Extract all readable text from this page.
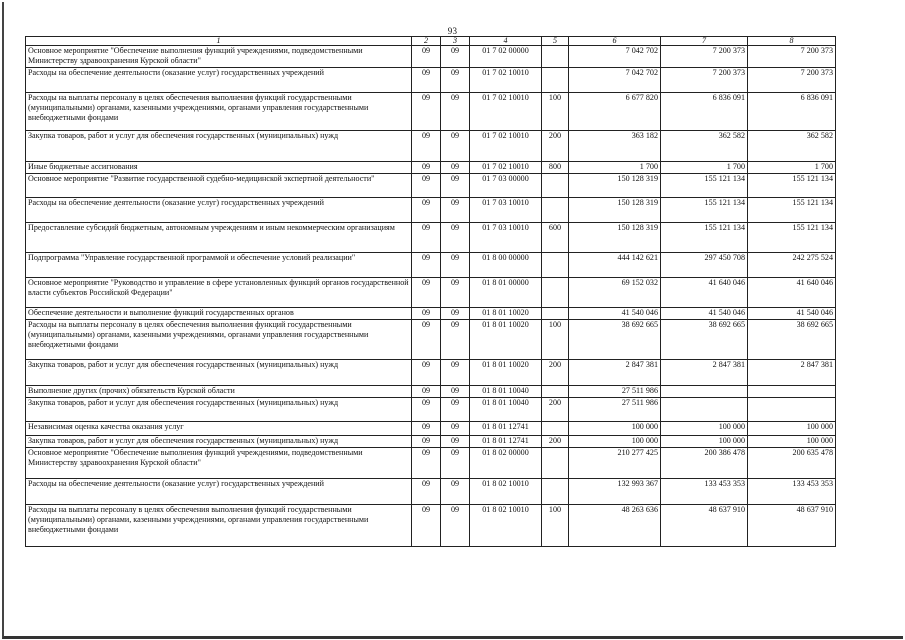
93
1	2	3	4	5	6	7	8
Основное мероприятие "Обеспечение выполнения функций учреждениями, подведомственными Министерству здравоохранения Курской области"	09	09	01 7 02 00000		7 042 702	7 200 373	7 200 373
Расходы на обеспечение деятельности (оказание услуг) государственных учреждений	09	09	01 7 02 10010		7 042 702	7 200 373	7 200 373
Расходы на выплаты персоналу в целях обеспечения выполнения функций государственными (муниципальными) органами, казенными учреждениями, органами управления государственными внебюджетными фондами	09	09	01 7 02 10010	100	6 677 820	6 836 091	6 836 091
Закупка товаров, работ и услуг для обеспечения государственных (муниципальных) нужд	09	09	01 7 02 10010	200	363 182	362 582	362 582
Иные бюджетные ассигнования	09	09	01 7 02 10010	800	1 700	1 700	1 700
Основное мероприятие "Развитие государственной судебно-медицинской экспертной деятельности"	09	09	01 7 03 00000		150 128 319	155 121 134	155 121 134
Расходы на обеспечение деятельности (оказание услуг) государственных учреждений	09	09	01 7 03 10010		150 128 319	155 121 134	155 121 134
Предоставление субсидий бюджетным, автономным учреждениям и иным некоммерческим организациям	09	09	01 7 03 10010	600	150 128 319	155 121 134	155 121 134
Подпрограмма "Управление государственной программой и обеспечение условий реализации"	09	09	01 8 00 00000		444 142 621	297 450 708	242 275 524
Основное мероприятие "Руководство и управление в сфере установленных функций органов государственной власти субъектов Российской Федерации"	09	09	01 8 01 00000		69 152 032	41 640 046	41 640 046
Обеспечение деятельности и выполнение функций государственных органов	09	09	01 8 01 10020		41 540 046	41 540 046	41 540 046
Расходы на выплаты персоналу в целях обеспечения выполнения функций государственными (муниципальными) органами, казенными учреждениями, органами управления государственными внебюджетными фондами	09	09	01 8 01 10020	100	38 692 665	38 692 665	38 692 665
Закупка товаров, работ и услуг для обеспечения государственных (муниципальных) нужд	09	09	01 8 01 10020	200	2 847 381	2 847 381	2 847 381
Выполнение других (прочих) обязательств Курской области	09	09	01 8 01 10040		27 511 986		
Закупка товаров, работ и услуг для обеспечения государственных (муниципальных) нужд	09	09	01 8 01 10040	200	27 511 986		
Независимая оценка качества оказания услуг	09	09	01 8 01 12741		100 000	100 000	100 000
Закупка товаров, работ и услуг для обеспечения государственных (муниципальных) нужд	09	09	01 8 01 12741	200	100 000	100 000	100 000
Основное мероприятие "Обеспечение выполнения функций учреждениями, подведомственными Министерству здравоохранения Курской области"	09	09	01 8 02 00000		210 277 425	200 386 478	200 635 478
Расходы на обеспечение деятельности (оказание услуг) государственных учреждений	09	09	01 8 02 10010		132 993 367	133 453 353	133 453 353
Расходы на выплаты персоналу в целях обеспечения выполнения функций государственными (муниципальными) органами, казенными учреждениями, органами управления государственными внебюджетными фондами	09	09	01 8 02 10010	100	48 263 636	48 637 910	48 637 910
